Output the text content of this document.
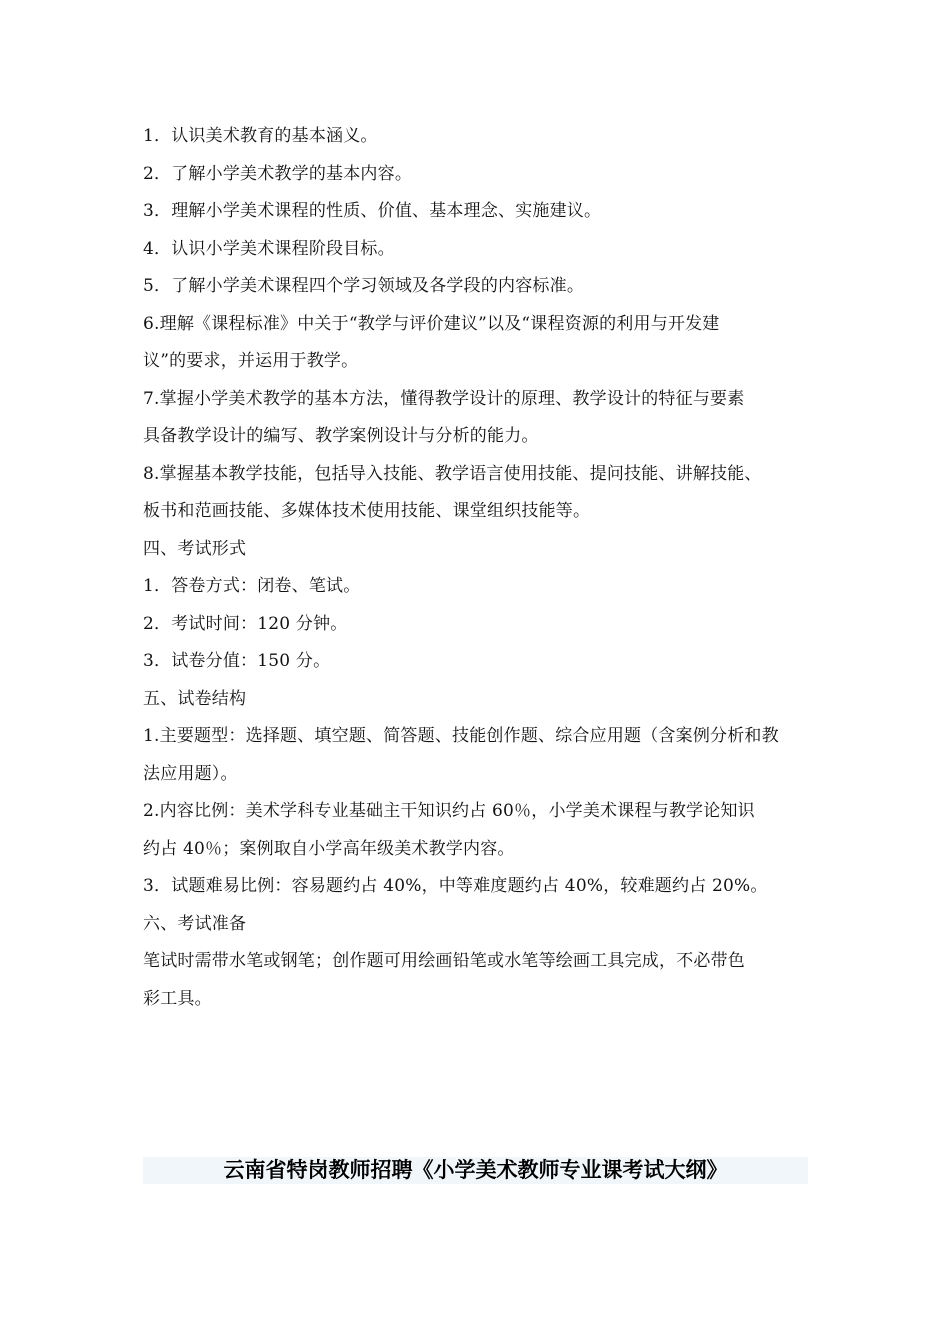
1．认识美术教育的基本涵义。
2．了解小学美术教学的基本内容。
3．理解小学美术课程的性质、价值、基本理念、实施建议。
4．认识小学美术课程阶段目标。
5．了解小学美术课程四个学习领域及各学段的内容标准。
6.理解《课程标准》中关于“教学与评价建议”以及“课程资源的利用与开发建
议”的要求，并运用于教学。
7.掌握小学美术教学的基本方法，懂得教学设计的原理、教学设计的特征与要素
具备教学设计的编写、教学案例设计与分析的能力。
8.掌握基本教学技能，包括导入技能、教学语言使用技能、提问技能、讲解技能、
板书和范画技能、多媒体技术使用技能、课堂组织技能等。
四、考试形式
1．答卷方式：闭卷、笔试。
2．考试时间：120 分钟。
3．试卷分值：150 分。
五、试卷结构
1.主要题型：选择题、填空题、简答题、技能创作题、综合应用题（含案例分析和教
法应用题）。
2.内容比例：美术学科专业基础主干知识约占 60％，小学美术课程与教学论知识
约占 40％；案例取自小学高年级美术教学内容。
3．试题难易比例：容易题约占 40%，中等难度题约占 40%，较难题约占 20%。
六、考试准备
笔试时需带水笔或钢笔；创作题可用绘画铅笔或水笔等绘画工具完成，不必带色
彩工具。
云南省特岗教师招聘《小学美术教师专业课考试大纲》
